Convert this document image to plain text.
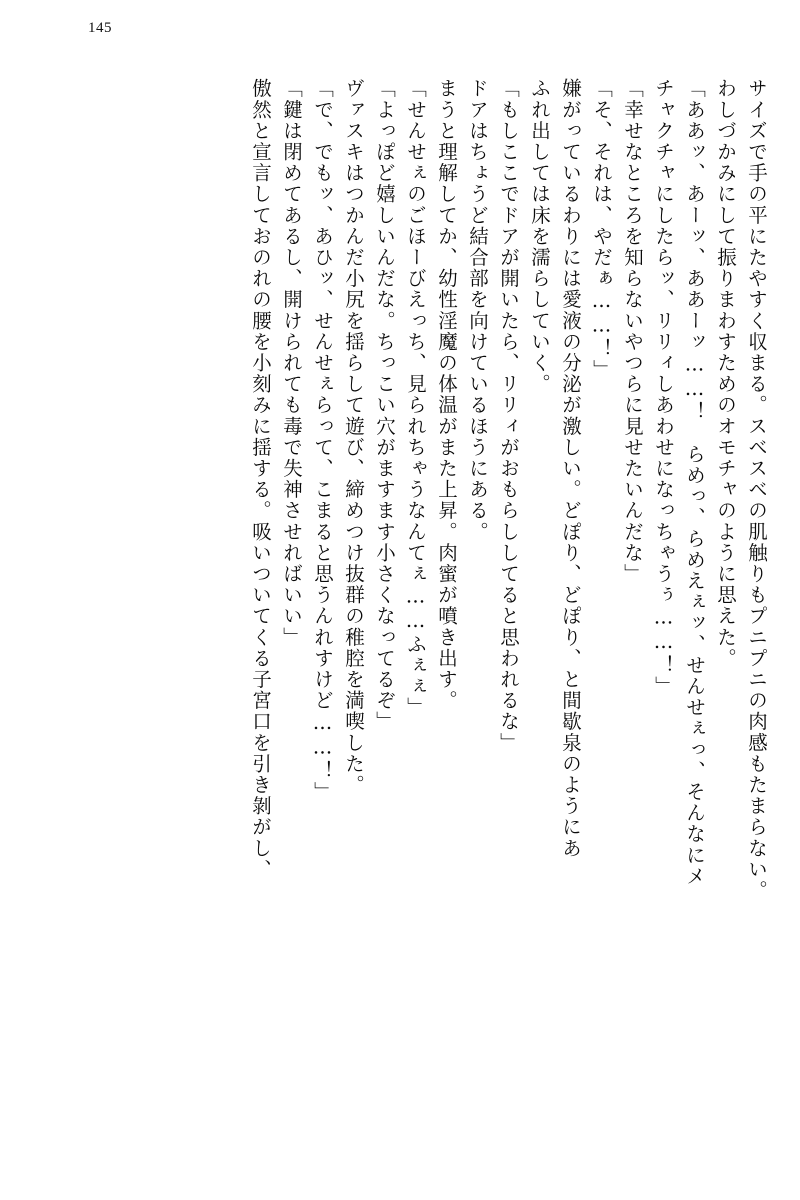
145
サイズで手の平にたやすく収まる。スベスベの肌触りもプニプニの肉感もたまらない。
わしづかみにして振りまわすためのオモチャのように思えた。
「ああッ、あーッ、ああーッ……！　らめっ、らめえぇッ、せんせぇっ、そんなにメ
チャクチャにしたらッ、リリィしあわせになっちゃうぅ……！」
「幸せなところを知らないやつらに見せたいんだな」
「そ、それは、やだぁ……！」
嫌がっているわりには愛液の分泌が激しい。どぽり、どぽり、と間歇泉のようにあ
ふれ出しては床を濡らしていく。
「もしここでドアが開いたら、リリィがおもらししてると思われるな」
ドアはちょうど結合部を向けているほうにある。
まうと理解してか、幼性淫魔の体温がまた上昇。肉蜜が噴き出す。
「せんせぇのごほーびえっち、見られちゃうなんてぇ……ふぇぇ」
「よっぽど嬉しいんだな。ちっこい穴がますます小さくなってるぞ」
ヴァスキはつかんだ小尻を揺らして遊び、締めつけ抜群の稚腔を満喫した。
「で、でもッ、あひッ、せんせぇらって、こまると思うんれすけど……！」
「鍵は閉めてあるし、開けられても毒で失神させればいい」
傲然と宣言しておのれの腰を小刻みに揺する。吸いついてくる子宮口を引き剝がし、
